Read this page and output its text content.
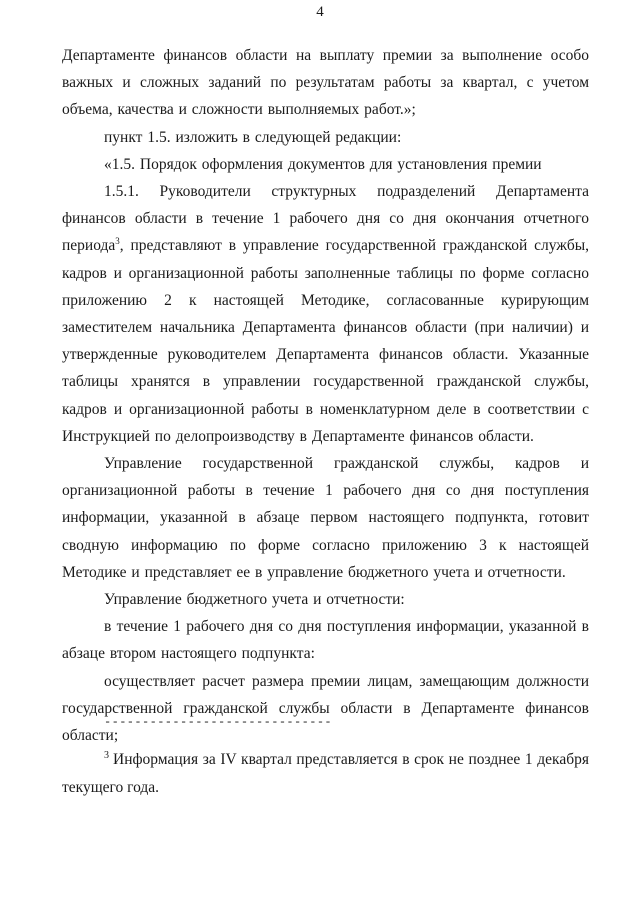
4

Департаменте финансов области на выплату премии за выполнение особо важных и сложных заданий по результатам работы за квартал, с учетом объема, качества и сложности выполняемых работ.»;

пункт 1.5. изложить в следующей редакции:

«1.5. Порядок оформления документов для установления премии

1.5.1. Руководители структурных подразделений Департамента финансов области в течение 1 рабочего дня со дня окончания отчетного периода$^3$, представляют в управление государственной гражданской службы, кадров и организационной работы заполненные таблицы по форме согласно приложению 2 к настоящей Методике, согласованные курирующим заместителем начальника Департамента финансов области (при наличии) и утвержденные руководителем Департамента финансов области. Указанные таблицы хранятся в управлении государственной гражданской службы, кадров и организационной работы в номенклатурном деле в соответствии с Инструкцией по делопроизводству в Департаменте финансов области.

Управление государственной гражданской службы, кадров и организационной работы в течение 1 рабочего дня со дня поступления информации, указанной в абзаце первом настоящего подпункта, готовит сводную информацию по форме согласно приложению 3 к настоящей Методике и представляет ее в управление бюджетного учета и отчетности.

Управление бюджетного учета и отчетности:

в течение 1 рабочего дня со дня поступления информации, указанной в абзаце втором настоящего подпункта:

осуществляет расчет размера премии лицам, замещающим должности государственной гражданской службы области в Департаменте финансов области;

------------------------------

$^3$ Информация за IV квартал представляется в срок не позднее 1 декабря текущего года.
